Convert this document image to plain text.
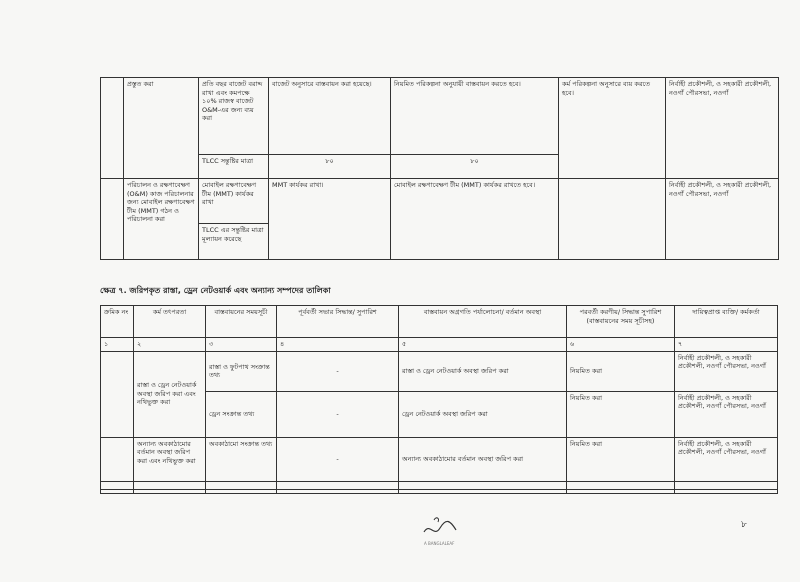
	প্রস্তুত করা	প্রতি বছর বাজেট বরাদ্দ রাখা এবং কমপক্ষে ১০% রাজস্ব বাজেট O&M-এর জন্য ব্যয় করা	বাজেট অনুসারে বাস্তবায়ন করা হয়েছে।	নিয়মিত পরিকল্পনা অনুযায়ী বাস্তবায়ন করতে হবে।	কর্ম পরিকল্পনা অনুসারে ব্যয় করতে হবে।	নির্বাহী প্রকৌশলী, ও সহকারী প্রকৌশলী, নওগাঁ পৌরসভা, নওগাঁ
		TLCC সন্তুষ্টির মাত্রা	৮০	৮০		
	পরিচালন ও রক্ষণাবেক্ষণ (O&M) কাজ পরিচালনার জন্য মোবাইল রক্ষণাবেক্ষণ টীম (MMT) গঠন ও পরিচালনা করা	মোবাইল রক্ষণাবেক্ষণ টীম (MMT) কার্যকর রাখা	MMT কার্যকর রাখা।	মোবাইল রক্ষণাবেক্ষণ টীম (MMT) কার্যকর রাখতে হবে।		নির্বাহী প্রকৌশলী, ও সহকারী প্রকৌশলী, নওগাঁ পৌরসভা, নওগাঁ
		TLCC এর সন্তুষ্টির মাত্রা মূল্যায়ন করেছে				
ক্ষেত্র ৭. জরিপকৃত রাস্তা, ড্রেন নেটওয়ার্ক এবং অন্যান্য সম্পদের তালিকা
ক্রমিক নং	কর্ম তৎপরতা	বাস্তবায়নের সময়সূচী	পূর্ববর্তী সভার সিদ্ধান্ত/ সুপারিশ	বাস্তবায়ন অগ্রগতি পর্যালোচনা/ বর্তমান অবস্থা	পরবর্তী করণীয়/ সিদ্ধান্ত সুপারিশ (বাস্তবায়নের সময় সূচীসহ)	দায়িত্বপ্রাপ্ত ব্যক্তি/ কর্মকর্তা
১	২	৩	৪	৫	৬	৭
	রাস্তা ও ড্রেন নেটওয়ার্ক অবস্থা জরিপ করা এবং নথিভুক্ত করা	রাস্তা ও ফুটপাথ সংক্রান্ত তথ্য	-	রাস্তা ও ড্রেন নেটওয়ার্ক অবস্থা জরিপ করা	নিয়মিত করা	নির্বাহী প্রকৌশলী, ও সহকারী প্রকৌশলী, নওগাঁ পৌরসভা, নওগাঁ
		ড্রেন সংক্রান্ত তথ্য	-	ড্রেন নেটওয়ার্ক অবস্থা জরিপ করা	নিয়মিত করা	নির্বাহী প্রকৌশলী, ও সহকারী প্রকৌশলী, নওগাঁ পৌরসভা, নওগাঁ
	অন্যান্য অবকাঠামোর বর্তমান অবস্থা জরিপ করা এবং নথিভুক্ত করা	অবকাঠামো সংক্রান্ত তথ্য	-	অন্যান্য অবকাঠামোর বর্তমান অবস্থা জরিপ করা	নিয়মিত করা	নির্বাহী প্রকৌশলী, ও সহকারী প্রকৌশলী, নওগাঁ পৌরসভা, নওগাঁ

A BANGLALEAF
৮
